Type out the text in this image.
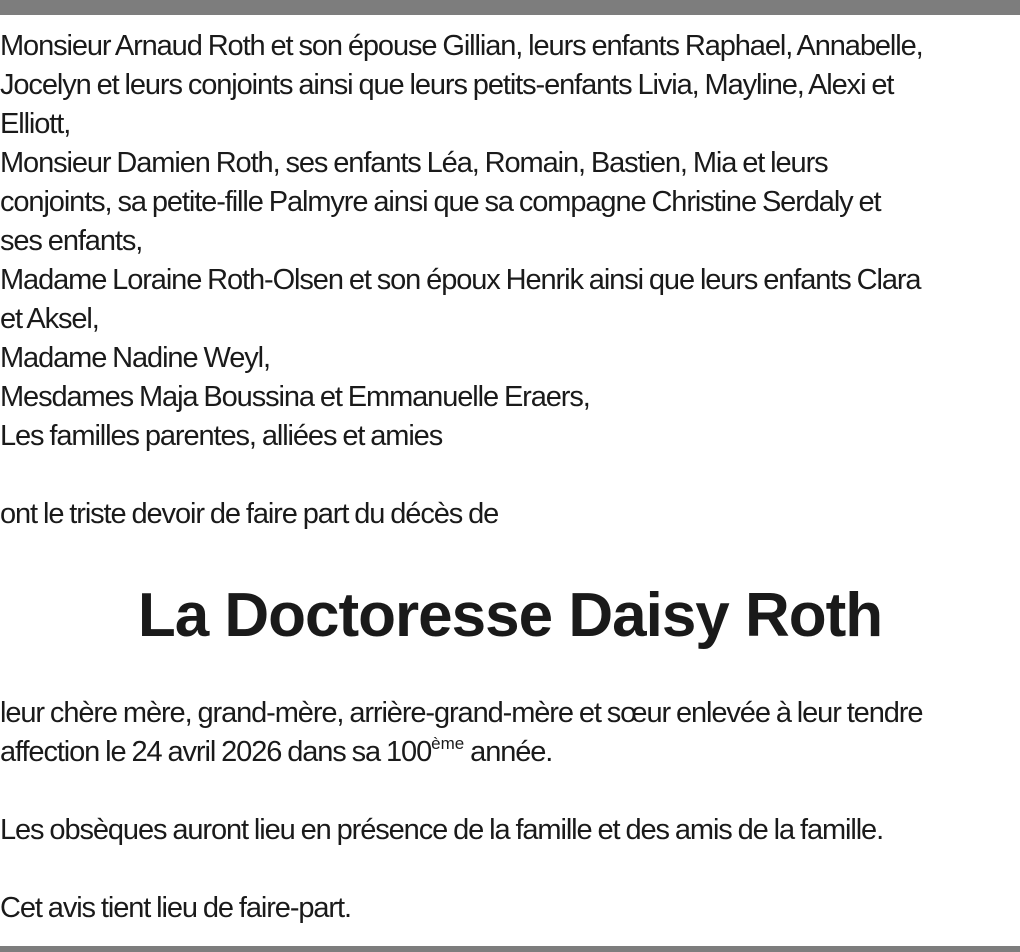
Monsieur Arnaud Roth et son épouse Gillian, leurs enfants Raphael, Annabelle,
Jocelyn et leurs conjoints ainsi que leurs petits-enfants Livia, Mayline, Alexi et
Elliott,
Monsieur Damien Roth, ses enfants Léa, Romain, Bastien, Mia et leurs
conjoints, sa petite-fille Palmyre ainsi que sa compagne Christine Serdaly et
ses enfants,
Madame Loraine Roth-Olsen et son époux Henrik ainsi que leurs enfants Clara
et Aksel,
Madame Nadine Weyl,
Mesdames Maja Boussina et Emmanuelle Eraers,
Les familles parentes, alliées et amies
ont le triste devoir de faire part du décès de
La Doctoresse Daisy Roth
leur chère mère, grand-mère, arrière-grand-mère et sœur enlevée à leur tendre
affection le 24 avril 2026 dans sa 100ème année.
Les obsèques auront lieu en présence de la famille et des amis de la famille.
Cet avis tient lieu de faire-part.
